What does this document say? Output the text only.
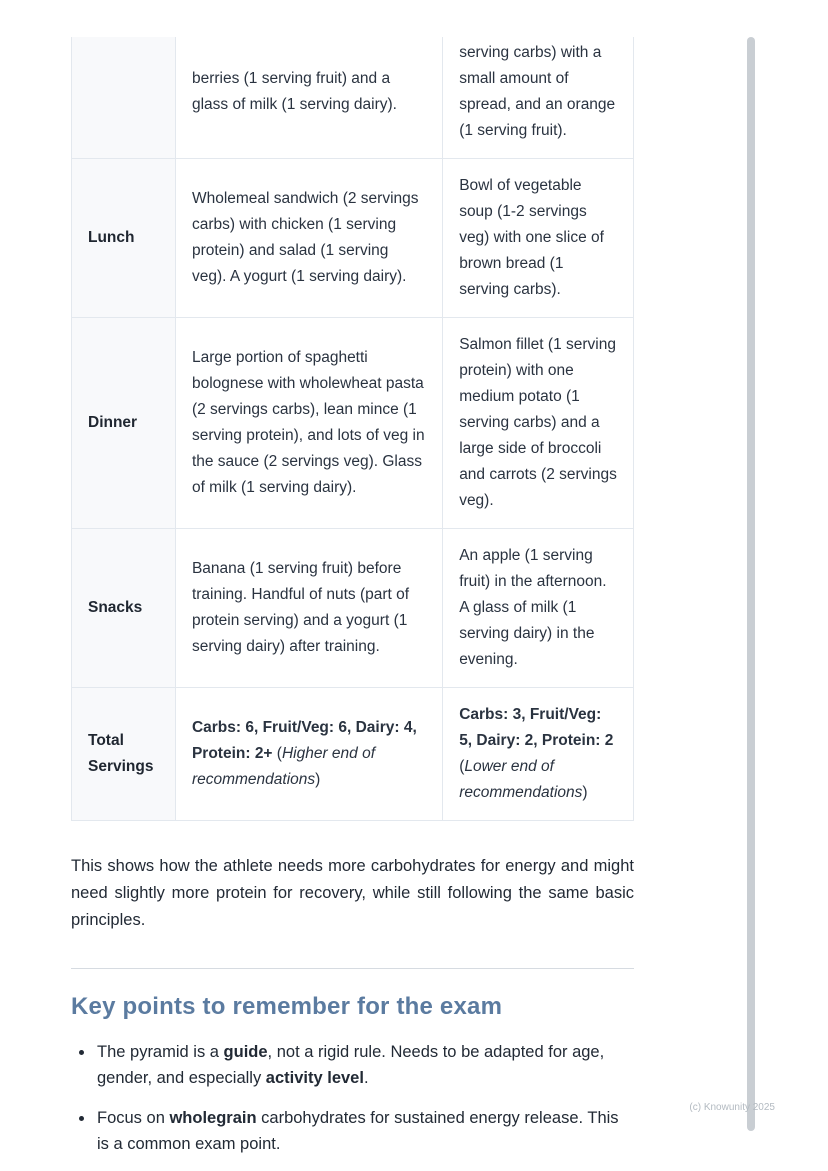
	berries (1 serving fruit) and a glass of milk (1 serving dairy).	serving carbs) with a small amount of spread, and an orange (1 serving fruit).
Lunch	Wholemeal sandwich (2 servings carbs) with chicken (1 serving protein) and salad (1 serving veg). A yogurt (1 serving dairy).	Bowl of vegetable soup (1-2 servings veg) with one slice of brown bread (1 serving carbs).
Dinner	Large portion of spaghetti bolognese with wholewheat pasta (2 servings carbs), lean mince (1 serving protein), and lots of veg in the sauce (2 servings veg). Glass of milk (1 serving dairy).	Salmon fillet (1 serving protein) with one medium potato (1 serving carbs) and a large side of broccoli and carrots (2 servings veg).
Snacks	Banana (1 serving fruit) before training. Handful of nuts (part of protein serving) and a yogurt (1 serving dairy) after training.	An apple (1 serving fruit) in the afternoon. A glass of milk (1 serving dairy) in the evening.
Total Servings	Carbs: 6, Fruit/Veg: 6, Dairy: 4, Protein: 2+ (Higher end of recommendations)	Carbs: 3, Fruit/Veg: 5, Dairy: 2, Protein: 2 (Lower end of recommendations)

This shows how the athlete needs more carbohydrates for energy and might need slightly more protein for recovery, while still following the same basic principles.

Key points to remember for the exam
• The pyramid is a guide, not a rigid rule. Needs to be adapted for age, gender, and especially activity level.
• Focus on wholegrain carbohydrates for sustained energy release. This is a common exam point.
(c) Knowunity 2025
